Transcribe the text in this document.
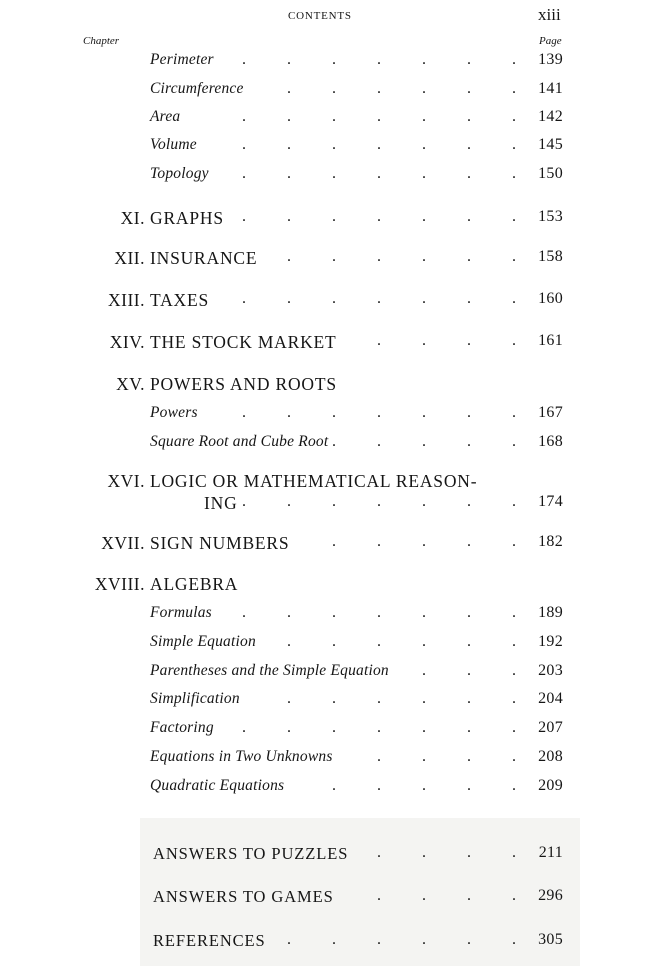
CONTENTS	xiii
Chapter	Page
Perimeter .	.	.	.	.	.	. 139
Circumference	.	.	.	.	.	. 141
Area	.	.	.	.	.	.	. 142
Volume	.	.	.	.	.	.	. 145
Topology .	.	.	.	.	.	. 150
XI. GRAPHS .	.	.	.	.	.	. 153
XII. INSURANCE .	.	.	.	.	. 158
XIII. TAXES .	.	.	.	.	.	. 160
XIV. THE STOCK MARKET	.	.	.	. 161
XV. POWERS AND ROOTS
Powers	.	.	.	.	.	.	. 167
Square Root and Cube Root .	.	.	.	. 168
XVI. LOGIC OR MATHEMATICAL REASON-
ING .	.	.	.	.	.	. 174
XVII. SIGN NUMBERS	.	.	.	.	. 182
XVIII. ALGEBRA
Formulas .	.	.	.	.	.	. 189
Simple Equation .	.	.	.	.	. 192
Parentheses and the Simple Equation .	.	. 203
Simplification	.	.	.	.	.	. 204
Factoring .	.	.	.	.	.	. 207
Equations in Two Unknowns	.	.	.	. 208
Quadratic Equations	.	.	.	.	. 209
ANSWERS TO PUZZLES .	.	.	. 211
ANSWERS TO GAMES	.	.	.	. 296
REFERENCES .	.	.	.	.	. 305
